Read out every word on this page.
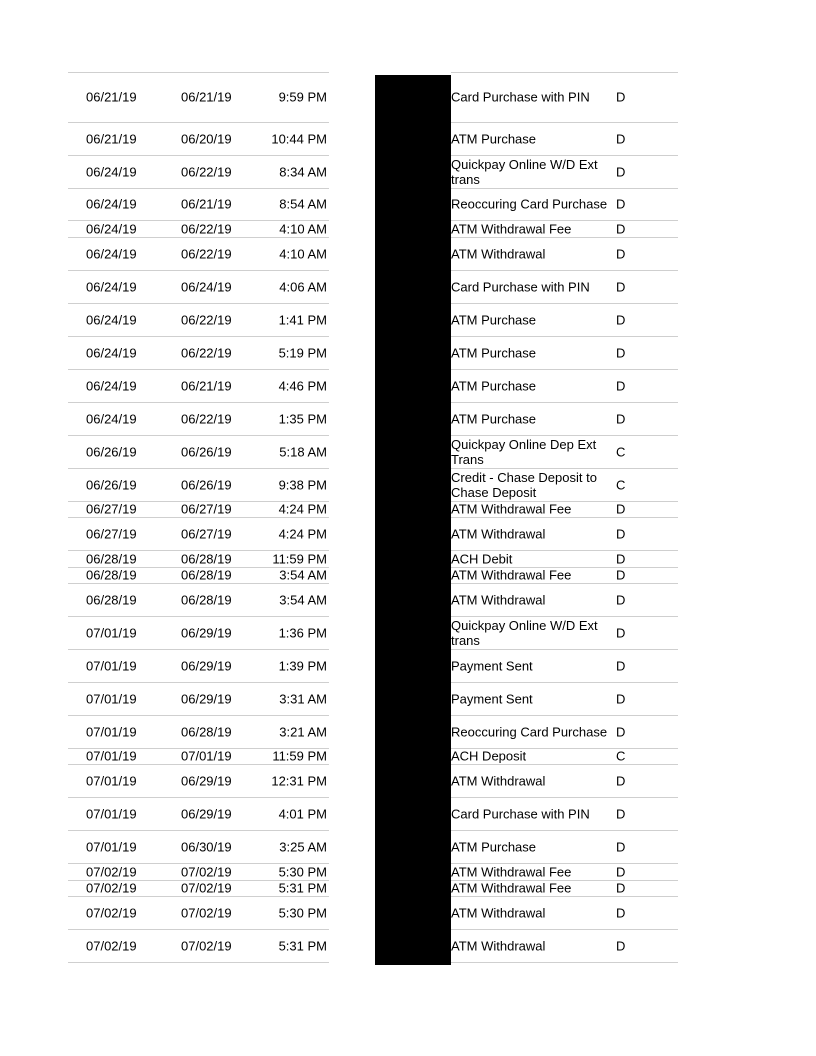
06/21/19	06/21/19	9:59 PM	Card Purchase with PIN	D
06/21/19	06/20/19	10:44 PM	ATM Purchase	D
06/24/19	06/22/19	8:34 AM	Quickpay Online W/D Ext trans	D
06/24/19	06/21/19	8:54 AM	Reoccuring Card Purchase D
06/24/19	06/22/19	4:10 AM	ATM Withdrawal Fee	D
06/24/19	06/22/19	4:10 AM	ATM Withdrawal	D
06/24/19	06/24/19	4:06 AM	Card Purchase with PIN	D
06/24/19	06/22/19	1:41 PM	ATM Purchase	D
06/24/19	06/22/19	5:19 PM	ATM Purchase	D
06/24/19	06/21/19	4:46 PM	ATM Purchase	D
06/24/19	06/22/19	1:35 PM	ATM Purchase	D
06/26/19	06/26/19	5:18 AM	Quickpay Online Dep Ext Trans	C
06/26/19	06/26/19	9:38 PM	Credit - Chase Deposit to Chase Deposit	C
06/27/19	06/27/19	4:24 PM	ATM Withdrawal Fee	D
06/27/19	06/27/19	4:24 PM	ATM Withdrawal	D
06/28/19	06/28/19	11:59 PM	ACH Debit	D
06/28/19	06/28/19	3:54 AM	ATM Withdrawal Fee	D
06/28/19	06/28/19	3:54 AM	ATM Withdrawal	D
07/01/19	06/29/19	1:36 PM	Quickpay Online W/D Ext trans	D
07/01/19	06/29/19	1:39 PM	Payment Sent	D
07/01/19	06/29/19	3:31 AM	Payment Sent	D
07/01/19	06/28/19	3:21 AM	Reoccuring Card Purchase D
07/01/19	07/01/19	11:59 PM	ACH Deposit	C
07/01/19	06/29/19	12:31 PM	ATM Withdrawal	D
07/01/19	06/29/19	4:01 PM	Card Purchase with PIN	D
07/01/19	06/30/19	3:25 AM	ATM Purchase	D
07/02/19	07/02/19	5:30 PM	ATM Withdrawal Fee	D
07/02/19	07/02/19	5:31 PM	ATM Withdrawal Fee	D
07/02/19	07/02/19	5:30 PM	ATM Withdrawal	D
07/02/19	07/02/19	5:31 PM	ATM Withdrawal	D
